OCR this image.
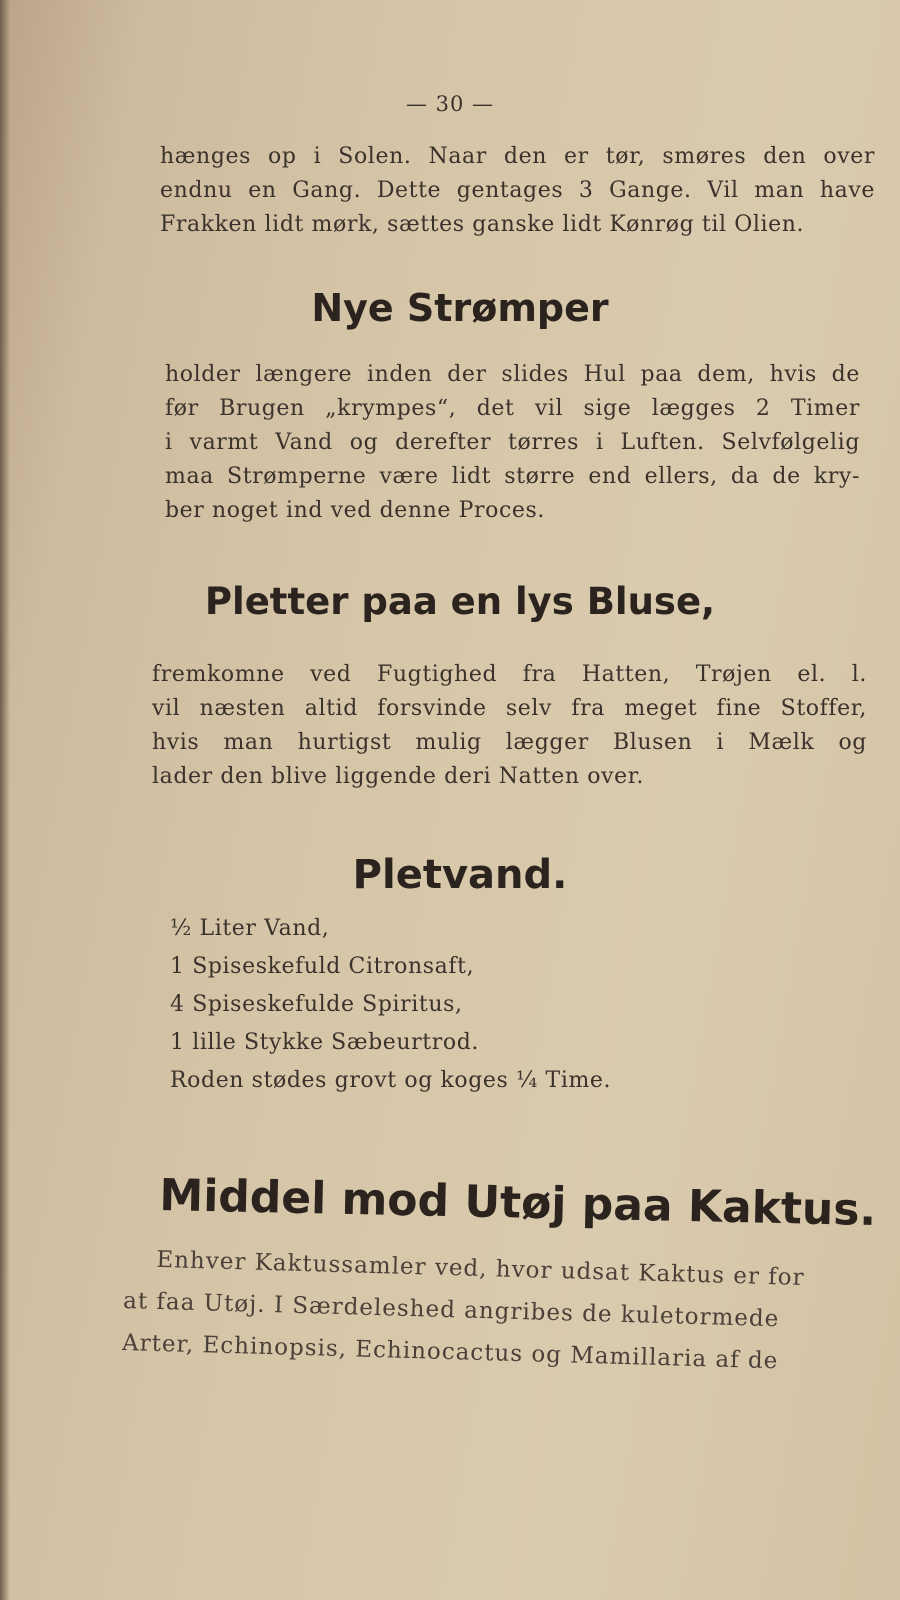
— 30 —
hænges op i Solen. Naar den er tør, smøres den over
endnu en Gang. Dette gentages 3 Gange. Vil man have
Frakken lidt mørk, sættes ganske lidt Kønrøg til Olien.
Nye Strømper
holder længere inden der slides Hul paa dem, hvis de
før Brugen „krympes“, det vil sige lægges 2 Timer
i varmt Vand og derefter tørres i Luften. Selvfølgelig
maa Strømperne være lidt større end ellers, da de kry-
ber noget ind ved denne Proces.
Pletter paa en lys Bluse,
fremkomne ved Fugtighed fra Hatten, Trøjen el. l.
vil næsten altid forsvinde selv fra meget fine Stoffer,
hvis man hurtigst mulig lægger Blusen i Mælk og
lader den blive liggende deri Natten over.
Pletvand.
½ Liter Vand,
1 Spiseskefuld Citronsaft,
4 Spiseskefulde Spiritus,
1 lille Stykke Sæbeurtrod.
Roden stødes grovt og koges ¼ Time.
Middel mod Utøj paa Kaktus.
Enhver Kaktussamler ved, hvor udsat Kaktus er for
at faa Utøj. I Særdeleshed angribes de kuletormede
Arter, Echinopsis, Echinocactus og Mamillaria af de
